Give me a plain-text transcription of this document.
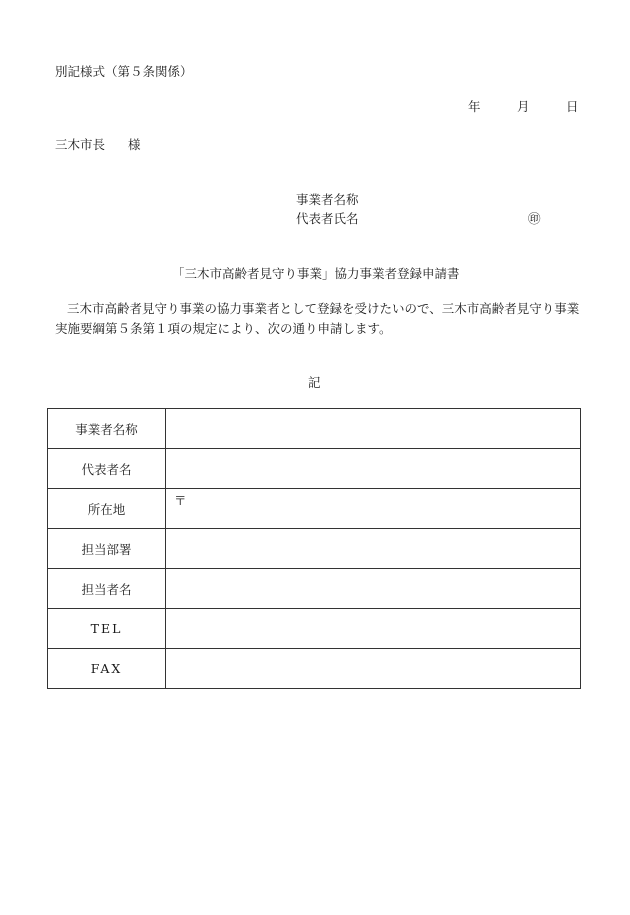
別記様式（第５条関係）
年	月	日
三木市長 様
事業者名称
代表者氏名	㊞
「三木市高齢者見守り事業」協力事業者登録申請書
三木市高齢者見守り事業の協力事業者として登録を受けたいので、三木市高齢者見守り事業実施要綱第５条第１項の規定により、次の通り申請します。
記
事業者名称	
代表者名	
所在地	〒
担当部署	
担当者名	
TEL	
FAX	
